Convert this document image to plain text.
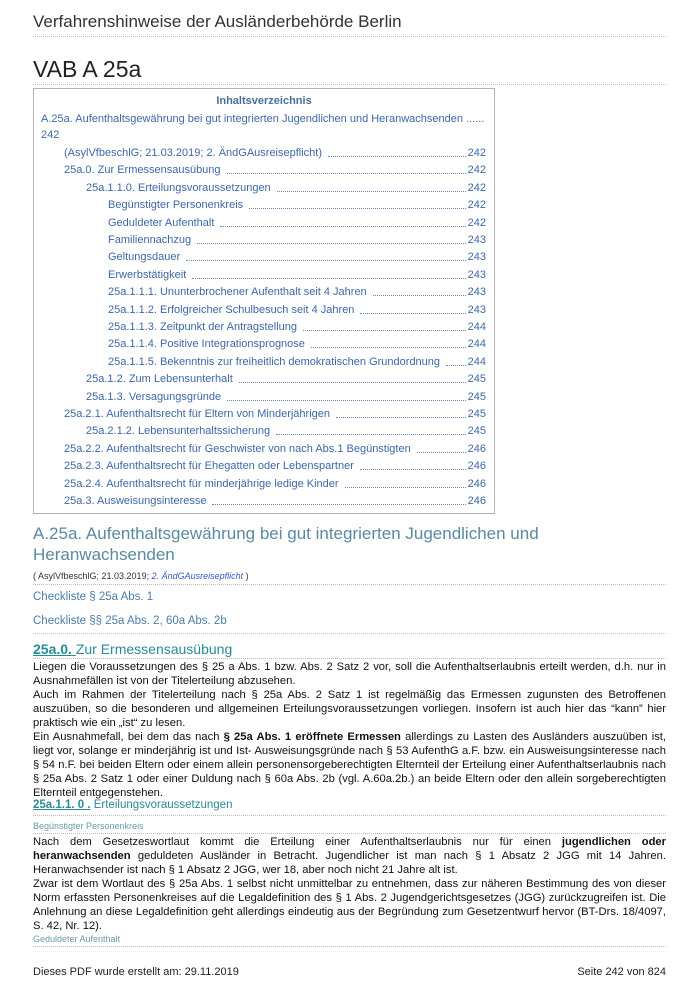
Verfahrenshinweise der Ausländerbehörde Berlin
VAB A 25a
Inhaltsverzeichnis
A.25a. Aufenthaltsgewährung bei gut integrierten Jugendlichen und Heranwachsenden ......
242
(AsylVfbeschlG; 21.03.2019; 2. ÄndGAusreisepflicht)	242
25a.0. Zur Ermessensausübung	242
25a.1.1.0. Erteilungsvoraussetzungen	242
Begünstigter Personenkreis	242
Geduldeter Aufenthalt	242
Familiennachzug	243
Geltungsdauer	243
Erwerbstätigkeit	243
25a.1.1.1. Ununterbrochener Aufenthalt seit 4 Jahren	243
25a.1.1.2. Erfolgreicher Schulbesuch seit 4 Jahren	243
25a.1.1.3. Zeitpunkt der Antragstellung	244
25a.1.1.4. Positive Integrationsprognose	244
25a.1.1.5. Bekenntnis zur freiheitlich demokratischen Grundordnung	244
25a.1.2. Zum Lebensunterhalt	245
25a.1.3. Versagungsgründe	245
25a.2.1. Aufenthaltsrecht für Eltern von Minderjährigen	245
25a.2.1.2. Lebensunterhaltssicherung	245
25a.2.2. Aufenthaltsrecht für Geschwister von nach Abs.1 Begünstigten	246
25a.2.3. Aufenthaltsrecht für Ehegatten oder Lebenspartner	246
25a.2.4. Aufenthaltsrecht für minderjährige ledige Kinder	246
25a.3. Ausweisungsinteresse	246
A.25a. Aufenthaltsgewährung bei gut integrierten Jugendlichen und Heranwachsenden
( AsylVfbeschlG; 21.03.2019; 2. ÄndGAusreisepflicht )
Checkliste § 25a Abs. 1
Checkliste §§ 25a Abs. 2, 60a Abs. 2b
25a.0. Zur Ermessensausübung
Liegen die Voraussetzungen des § 25 a Abs. 1 bzw. Abs. 2 Satz 2 vor, soll die Aufenthaltserlaubnis erteilt werden, d.h. nur in Ausnahmefällen ist von der Titelerteilung abzusehen.
Auch im Rahmen der Titelerteilung nach § 25a Abs. 2 Satz 1 ist regelmäßig das Ermessen zugunsten des Betroffenen auszuüben, so die besonderen und allgemeinen Erteilungsvoraussetzungen vorliegen. Insofern ist auch hier das “kann” hier praktisch wie ein „ist“ zu lesen.
Ein Ausnahmefall, bei dem das nach § 25a Abs. 1 eröffnete Ermessen allerdings zu Lasten des Ausländers auszuüben ist, liegt vor, solange er minderjährig ist und Ist- Ausweisungsgründe nach § 53 AufenthG a.F. bzw. ein Ausweisungsinteresse nach § 54 n.F. bei beiden Eltern oder einem allein personensorgeberechtigten Elternteil der Erteilung einer Aufenthaltserlaubnis nach § 25a Abs. 2 Satz 1 oder einer Duldung nach § 60a Abs. 2b (vgl. A.60a.2b.) an beide Eltern oder den allein sorgeberechtigten Elternteil entgegenstehen.
25a.1.1. 0 . Erteilungsvoraussetzungen
Begünstigter Personenkreis
Nach dem Gesetzeswortlaut kommt die Erteilung einer Aufenthaltserlaubnis nur für einen jugendlichen oder heranwachsenden geduldeten Ausländer in Betracht. Jugendlicher ist man nach § 1 Absatz 2 JGG mit 14 Jahren. Heranwachsender ist nach § 1 Absatz 2 JGG, wer 18, aber noch nicht 21 Jahre alt ist.
Zwar ist dem Wortlaut des § 25a Abs. 1 selbst nicht unmittelbar zu entnehmen, dass zur näheren Bestimmung des von dieser Norm erfassten Personenkreises auf die Legaldefinition des § 1 Abs. 2 Jugendgerichtsgesetzes (JGG) zurückzugreifen ist. Die Anlehnung an diese Legaldefinition geht allerdings eindeutig aus der Begründung zum Gesetzentwurf hervor (BT-Drs. 18/4097, S. 42, Nr. 12).
Geduldeter Aufenthalt
Dieses PDF wurde erstellt am: 29.11.2019	Seite 242 von 824
